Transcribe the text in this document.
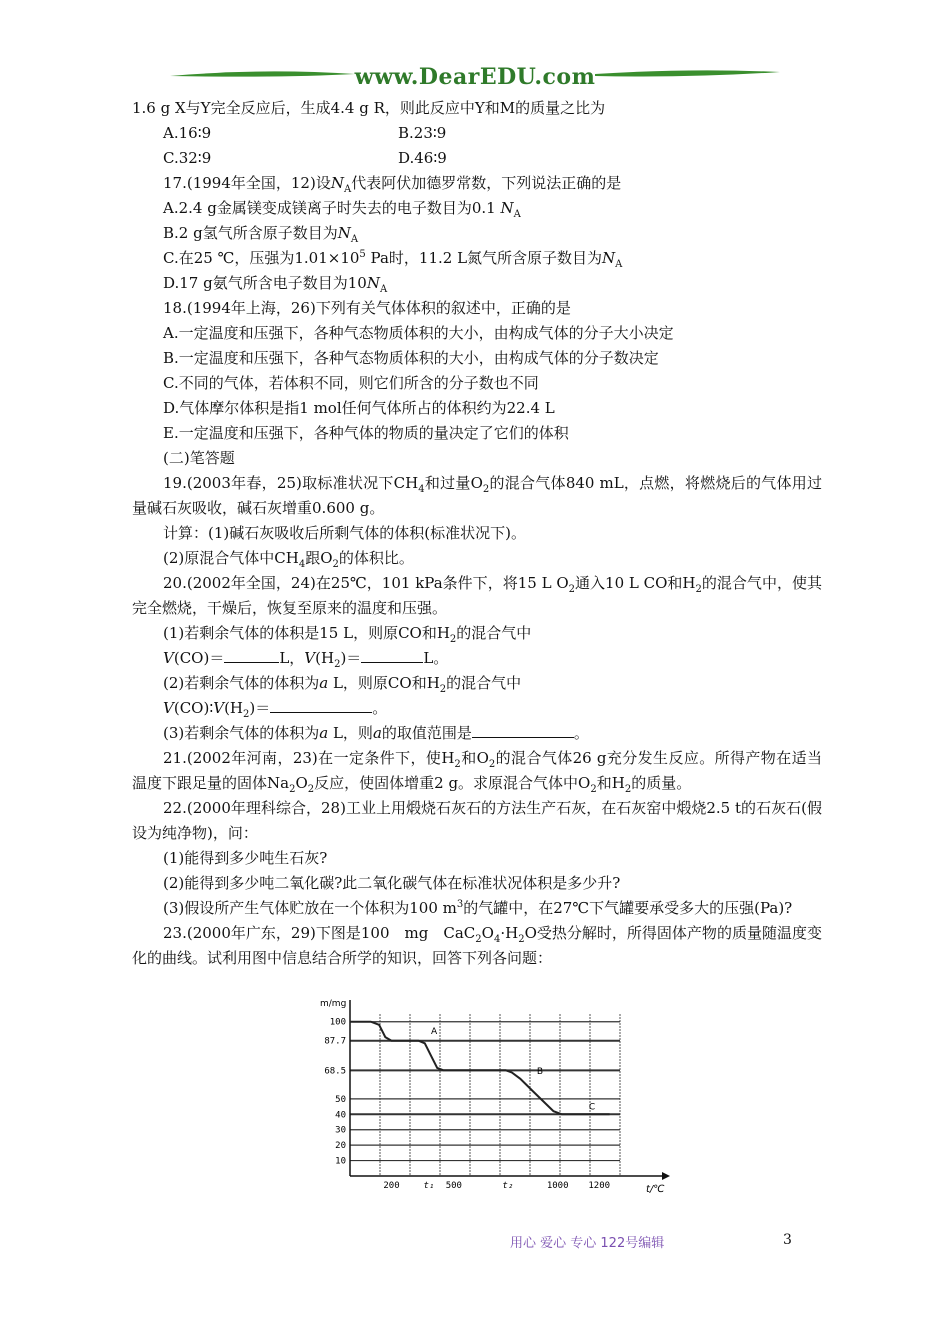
www.DearEDU.com
1.6 g X与Y完全反应后，生成4.4 g R，则此反应中Y和M的质量之比为
A.16∶9	B.23∶9
C.32∶9	D.46∶9
17.(1994年全国，12)设$N_A$代表阿伏加德罗常数，下列说法正确的是
A.2.4 g金属镁变成镁离子时失去的电子数目为0.1 $N_A$
B.2 g氢气所含原子数目为$N_A$
C.在25 ℃，压强为$1.01\times 10^5$ Pa时，11.2 L氮气所含原子数目为$N_A$
D.17 g氨气所含电子数目为$10N_A$
18.(1994年上海，26)下列有关气体体积的叙述中，正确的是
A.一定温度和压强下，各种气态物质体积的大小，由构成气体的分子大小决定
B.一定温度和压强下，各种气态物质体积的大小，由构成气体的分子数决定
C.不同的气体，若体积不同，则它们所含的分子数也不同
D.气体摩尔体积是指1 mol任何气体所占的体积约为22.4 L
E.一定温度和压强下，各种气体的物质的量决定了它们的体积
(二)笔答题
19.(2003年春，25)取标准状况下$CH_4$和过量$O_2$的混合气体840 mL，点燃，将燃烧后的气体用过量碱石灰吸收，碱石灰增重0.600 g。
计算：(1)碱石灰吸收后所剩气体的体积(标准状况下)。
(2)原混合气体中$CH_4$跟$O_2$的体积比。
20.(2002年全国，24)在25℃，101 kPa条件下，将15 L $O_2$通入10 L CO和$H_2$的混合气中，使其完全燃烧，干燥后，恢复至原来的温度和压强。
(1)若剩余气体的体积是15 L，则原CO和$H_2$的混合气中
V(CO)＝	L，$V(H_2)=$	L。
(2)若剩余气体的体积为a L，则原CO和$H_2$的混合气中
$V(CO)∶V(H_2)=$	。
(3)若剩余气体的体积为a L，则a的取值范围是	。
21.(2002年河南，23)在一定条件下，使$H_2$和$O_2$的混合气体26 g充分发生反应。所得产物在适当温度下跟足量的固体$Na_2O_2$反应，使固体增重2 g。求原混合气体中$O_2$和$H_2$的质量。
22.(2000年理科综合，28)工业上用煅烧石灰石的方法生产石灰，在石灰窑中煅烧2.5 t的石灰石(假设为纯净物)，问：
(1)能得到多少吨生石灰?
(2)能得到多少吨二氧化碳?此二氧化碳气体在标准状况体积是多少升?
(3)假设所产生气体贮放在一个体积为100 $m^3$的气罐中，在27℃下气罐要承受多大的压强(Pa)?
23.(2000年广东，29)下图是100　mg　$CaC_2O_4\cdot H_2O$受热分解时，所得固体产物的质量随温度变化的曲线。试利用图中信息结合所学的知识，回答下列各问题：
10
20
30
40
50
68.5
87.7
100
200	t₁ 500	t₂	1000 1200
A
B
C
m/mg
t/℃
用心 爱心 专心 122号编辑	3
